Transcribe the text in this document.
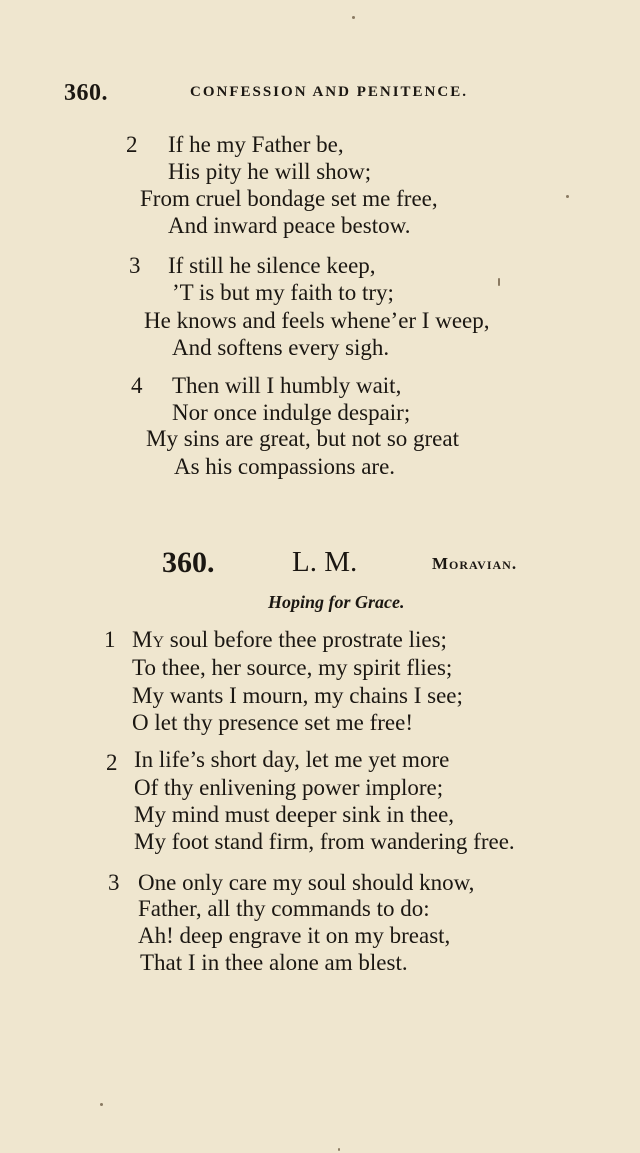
360.	CONFESSION AND PENITENCE.
2 If he my Father be,
His pity he will show;
From cruel bondage set me free,
And inward peace bestow.
3 If still he silence keep,
’T is but my faith to try;
He knows and feels whene’er I weep,
And softens every sigh.
4 Then will I humbly wait,
Nor once indulge despair;
My sins are great, but not so great
As his compassions are.
360.	L. M.	Moravian.
Hoping for Grace.
1 My soul before thee prostrate lies;
To thee, her source, my spirit flies;
My wants I mourn, my chains I see;
O let thy presence set me free!
2 In life’s short day, let me yet more
Of thy enlivening power implore;
My mind must deeper sink in thee,
My foot stand firm, from wandering free.
3 One only care my soul should know,
Father, all thy commands to do:
Ah! deep engrave it on my breast,
That I in thee alone am blest.
